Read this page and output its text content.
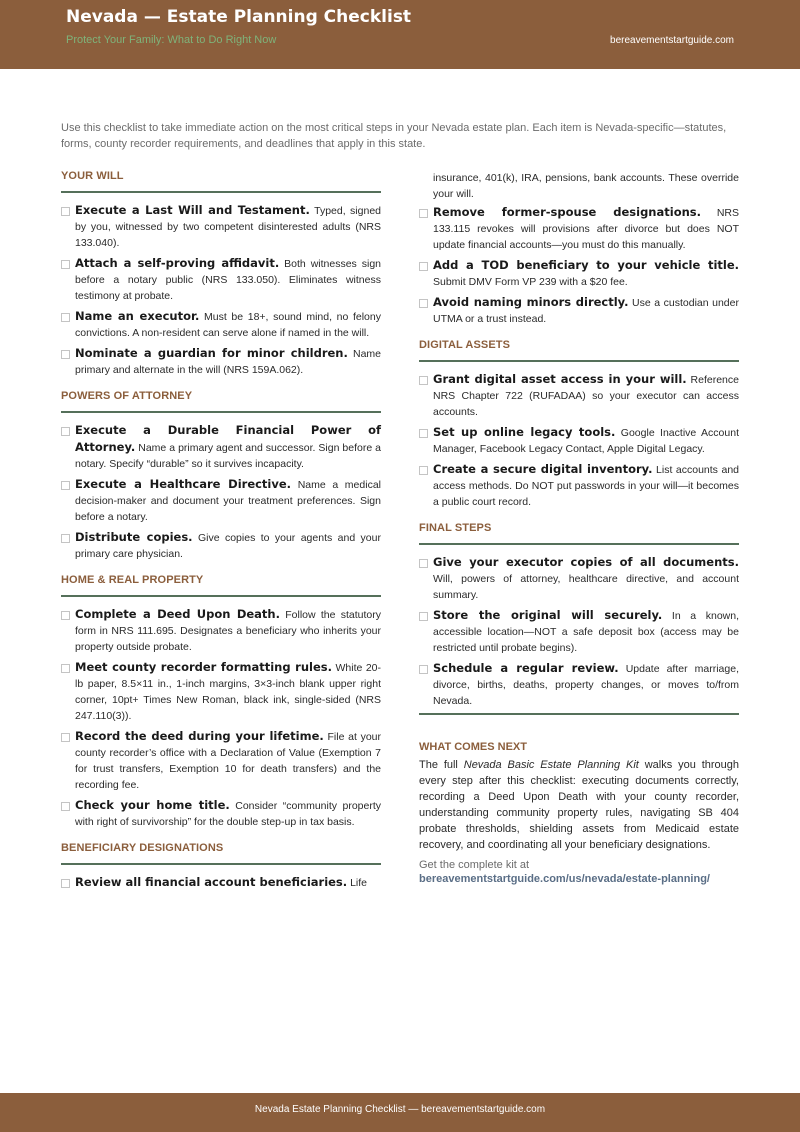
Nevada — Estate Planning Checklist
Protect Your Family: What to Do Right Now	bereavementstartguide.com
Use this checklist to take immediate action on the most critical steps in your Nevada estate plan. Each item is Nevada-specific—statutes, forms, county recorder requirements, and deadlines that apply in this state.
YOUR WILL
Execute a Last Will and Testament. Typed, signed by you, witnessed by two competent disinterested adults (NRS 133.040).
Attach a self-proving affidavit. Both witnesses sign before a notary public (NRS 133.050). Eliminates witness testimony at probate.
Name an executor. Must be 18+, sound mind, no felony convictions. A non-resident can serve alone if named in the will.
Nominate a guardian for minor children. Name primary and alternate in the will (NRS 159A.062).
POWERS OF ATTORNEY
Execute a Durable Financial Power of Attorney. Name a primary agent and successor. Sign before a notary. Specify “durable” so it survives incapacity.
Execute a Healthcare Directive. Name a medical decision-maker and document your treatment preferences. Sign before a notary.
Distribute copies. Give copies to your agents and your primary care physician.
HOME & REAL PROPERTY
Complete a Deed Upon Death. Follow the statutory form in NRS 111.695. Designates a beneficiary who inherits your property outside probate.
Meet county recorder formatting rules. White 20-lb paper, 8.5×11 in., 1-inch margins, 3×3-inch blank upper right corner, 10pt+ Times New Roman, black ink, single-sided (NRS 247.110(3)).
Record the deed during your lifetime. File at your county recorder’s office with a Declaration of Value (Exemption 7 for trust transfers, Exemption 10 for death transfers) and the recording fee.
Check your home title. Consider “community property with right of survivorship” for the double step-up in tax basis.
BENEFICIARY DESIGNATIONS
Review all financial account beneficiaries. Life
insurance, 401(k), IRA, pensions, bank accounts. These override your will.
Remove former-spouse designations. NRS 133.115 revokes will provisions after divorce but does NOT update financial accounts—you must do this manually.
Add a TOD beneficiary to your vehicle title. Submit DMV Form VP 239 with a $20 fee.
Avoid naming minors directly. Use a custodian under UTMA or a trust instead.
DIGITAL ASSETS
Grant digital asset access in your will. Reference NRS Chapter 722 (RUFADAA) so your executor can access accounts.
Set up online legacy tools. Google Inactive Account Manager, Facebook Legacy Contact, Apple Digital Legacy.
Create a secure digital inventory. List accounts and access methods. Do NOT put passwords in your will—it becomes a public court record.
FINAL STEPS
Give your executor copies of all documents. Will, powers of attorney, healthcare directive, and account summary.
Store the original will securely. In a known, accessible location—NOT a safe deposit box (access may be restricted until probate begins).
Schedule a regular review. Update after marriage, divorce, births, deaths, property changes, or moves to/from Nevada.
WHAT COMES NEXT
The full Nevada Basic Estate Planning Kit walks you through every step after this checklist: executing documents correctly, recording a Deed Upon Death with your county recorder, understanding community property rules, navigating SB 404 probate thresholds, shielding assets from Medicaid estate recovery, and coordinating all your beneficiary designations.
Get the complete kit at
bereavementstartguide.com/us/nevada/estate-planning/
Nevada Estate Planning Checklist — bereavementstartguide.com
